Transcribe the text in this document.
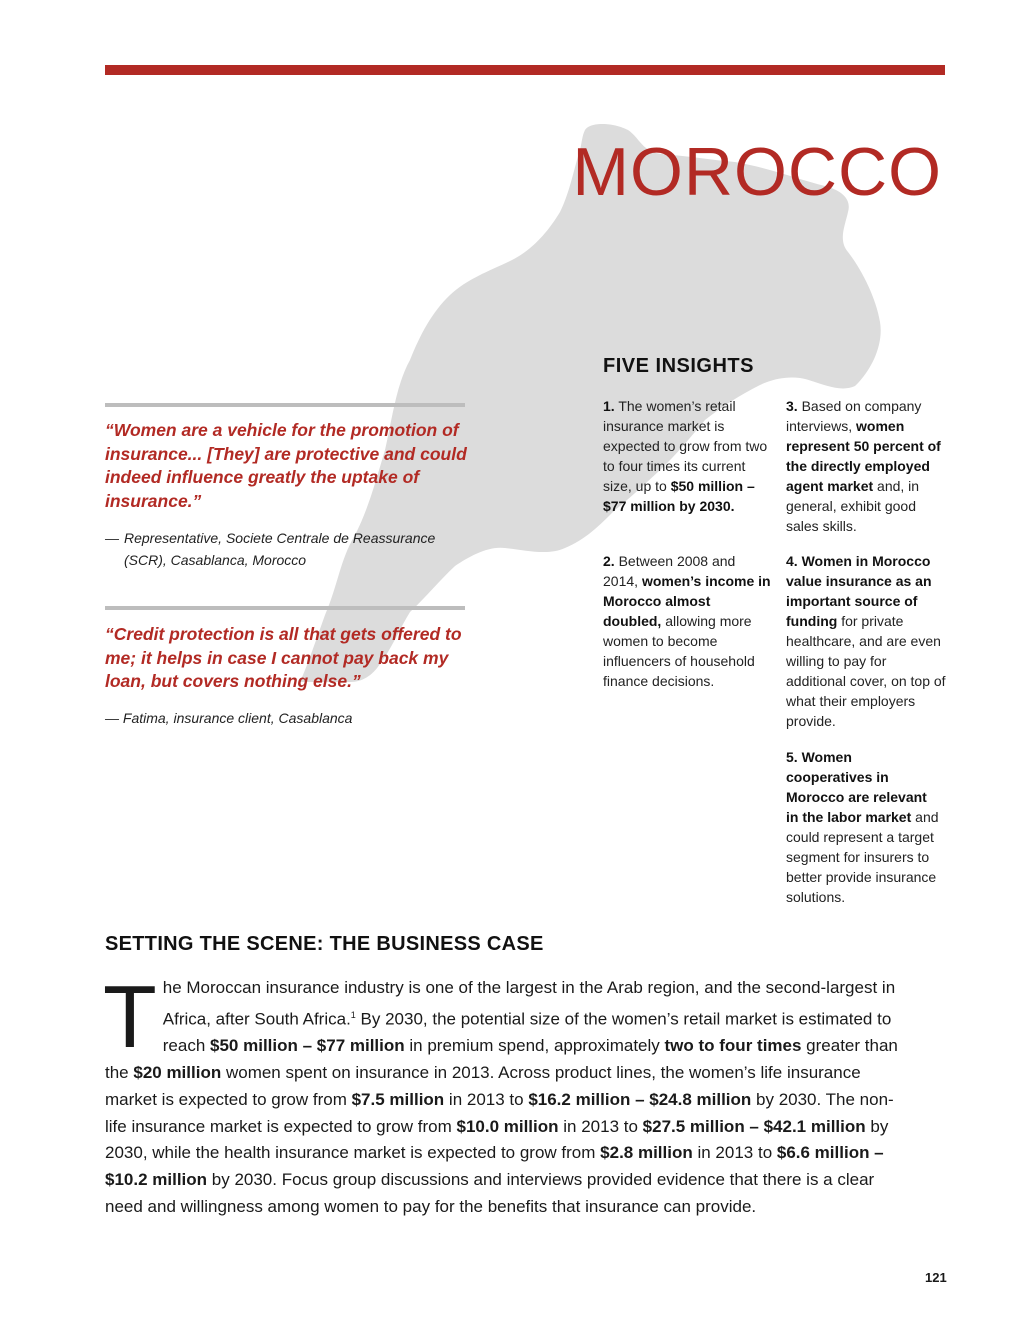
MOROCCO

“Women are a vehicle for the promotion of insurance... [They] are protective and could indeed influence greatly the uptake of insurance.”

— Representative, Societe Centrale de Reassurance
(SCR), Casablanca, Morocco

“Credit protection is all that gets offered to me; it helps in case I cannot pay back my loan, but covers nothing else.”

— Fatima, insurance client, Casablanca

FIVE INSIGHTS

1. The women’s retail insurance market is expected to grow from two to four times its current size, up to $50 million – $77 million by 2030.

2. Between 2008 and 2014, women’s income in Morocco almost doubled, allowing more women to become influencers of household finance decisions.

3. Based on company interviews, women represent 50 percent of the directly employed agent market and, in general, exhibit good sales skills.

4. Women in Morocco value insurance as an important source of funding for private healthcare, and are even willing to pay for additional cover, on top of what their employers provide.

5. Women cooperatives in Morocco are relevant in the labor market and could represent a target segment for insurers to better provide insurance solutions.

SETTING THE SCENE: THE BUSINESS CASE

The Moroccan insurance industry is one of the largest in the Arab region, and the second-largest in Africa, after South Africa.$^1$ By 2030, the potential size of the women’s retail market is estimated to reach $50 million – $77 million in premium spend, approximately two to four times greater than the $20 million women spent on insurance in 2013. Across product lines, the women’s life insurance market is expected to grow from $7.5 million in 2013 to $16.2 million – $24.8 million by 2030. The non-life insurance market is expected to grow from $10.0 million in 2013 to $27.5 million – $42.1 million by 2030, while the health insurance market is expected to grow from $2.8 million in 2013 to $6.6 million – $10.2 million by 2030. Focus group discussions and interviews provided evidence that there is a clear need and willingness among women to pay for the benefits that insurance can provide.

121
